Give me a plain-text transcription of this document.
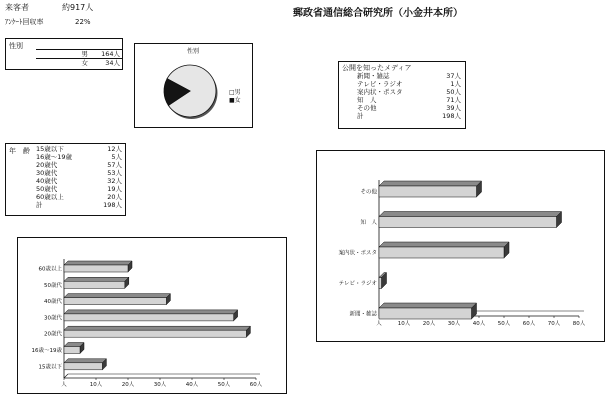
来客者	約917人
ｱﾝｹｰﾄ回収率	22%
郵政省通信総合研究所（小金井本所）
性別
男	164人
女	34人
性別
□男
■女
公開を知ったメディア
新聞・雑誌	37人
テレビ・ラジオ	1人
案内状・ポスタ	50人
知　人	71人
その他	39人
計	198人
年　齢 15歳以下	12人
16歳〜19歳	5人
20歳代	57人
30歳代	53人
40歳代	32人
50歳代	19人
60歳以上	20人
計	198人
人	10人	20人	30人	40人	50人	60人
60歳以上
50歳代
40歳代
30歳代
20歳代
16歳〜19歳
15歳以下
人	10人 20人 30人 40人 50人 60人 70人 80人
その他
知　人
案内状・ポスタ
テレビ・ラジオ
新聞・雑誌
